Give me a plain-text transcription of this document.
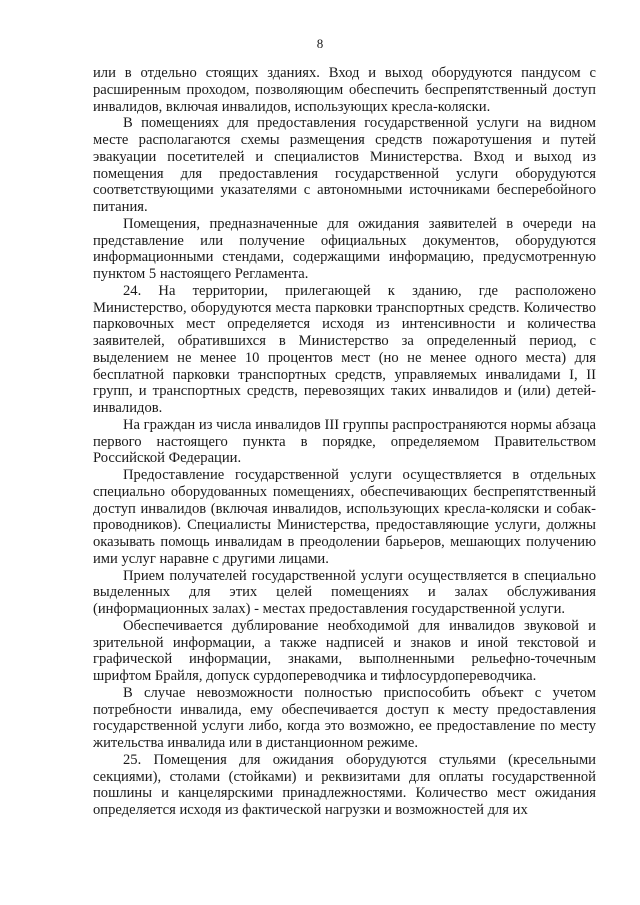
8

или в отдельно стоящих зданиях. Вход и выход оборудуются пандусом с расширенным проходом, позволяющим обеспечить беспрепятственный доступ инвалидов, включая инвалидов, использующих кресла-коляски.

В помещениях для предоставления государственной услуги на видном месте располагаются схемы размещения средств пожаротушения и путей эвакуации посетителей и специалистов Министерства. Вход и выход из помещения для предоставления государственной услуги оборудуются соответствующими указателями с автономными источниками бесперебойного питания.

Помещения, предназначенные для ожидания заявителей в очереди на представление или получение официальных документов, оборудуются информационными стендами, содержащими информацию, предусмотренную пунктом 5 настоящего Регламента.

24. На территории, прилегающей к зданию, где расположено Министерство, оборудуются места парковки транспортных средств. Количество парковочных мест определяется исходя из интенсивности и количества заявителей, обратившихся в Министерство за определенный период, с выделением не менее 10 процентов мест (но не менее одного места) для бесплатной парковки транспортных средств, управляемых инвалидами I, II групп, и транспортных средств, перевозящих таких инвалидов и (или) детей-инвалидов.

На граждан из числа инвалидов III группы распространяются нормы абзаца первого настоящего пункта в порядке, определяемом Правительством Российской Федерации.

Предоставление государственной услуги осуществляется в отдельных специально оборудованных помещениях, обеспечивающих беспрепятственный доступ инвалидов (включая инвалидов, использующих кресла-коляски и собак-проводников). Специалисты Министерства, предоставляющие услуги, должны оказывать помощь инвалидам в преодолении барьеров, мешающих получению ими услуг наравне с другими лицами.

Прием получателей государственной услуги осуществляется в специально выделенных для этих целей помещениях и залах обслуживания (информационных залах) - местах предоставления государственной услуги.

Обеспечивается дублирование необходимой для инвалидов звуковой и зрительной информации, а также надписей и знаков и иной текстовой и графической информации, знаками, выполненными рельефно-точечным шрифтом Брайля, допуск сурдопереводчика и тифлосурдопереводчика.

В случае невозможности полностью приспособить объект с учетом потребности инвалида, ему обеспечивается доступ к месту предоставления государственной услуги либо, когда это возможно, ее предоставление по месту жительства инвалида или в дистанционном режиме.

25. Помещения для ожидания оборудуются стульями (кресельными секциями), столами (стойками) и реквизитами для оплаты государственной пошлины и канцелярскими принадлежностями. Количество мест ожидания определяется исходя из фактической нагрузки и возможностей для их
